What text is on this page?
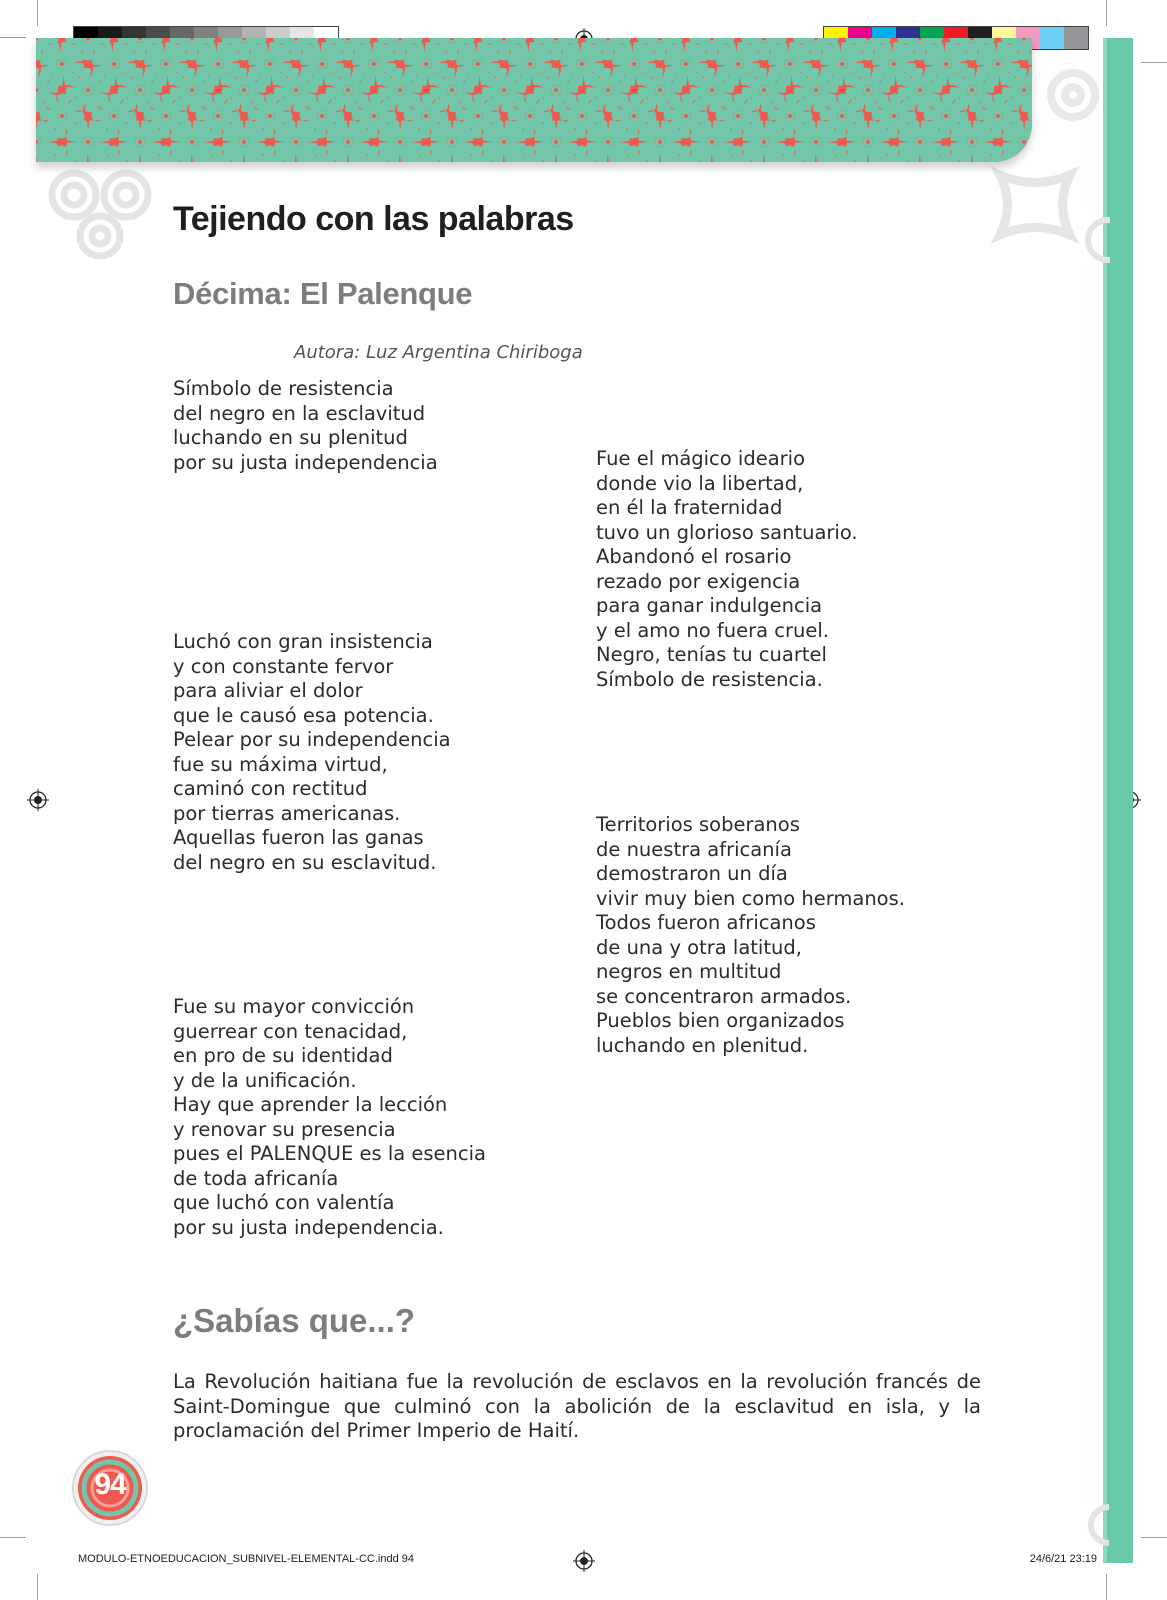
Tejiendo con las palabras
Décima: El Palenque
Autora: Luz Argentina Chiriboga
Símbolo de resistencia
del negro en la esclavitud
luchando en su plenitud
por su justa independencia
Luchó con gran insistencia
y con constante fervor
para aliviar el dolor
que le causó esa potencia.
Pelear por su independencia
fue su máxima virtud,
caminó con rectitud
por tierras americanas.
Aquellas fueron las ganas
del negro en su esclavitud.
Fue su mayor convicción
guerrear con tenacidad,
en pro de su identidad
y de la unificación.
Hay que aprender la lección
y renovar su presencia
pues el PALENQUE es la esencia
de toda africanía
que luchó con valentía
por su justa independencia.
Fue el mágico ideario
donde vio la libertad,
en él la fraternidad
tuvo un glorioso santuario.
Abandonó el rosario
rezado por exigencia
para ganar indulgencia
y el amo no fuera cruel.
Negro, tenías tu cuartel
Símbolo de resistencia.
Territorios soberanos
de nuestra africanía
demostraron un día
vivir muy bien como hermanos.
Todos fueron africanos
de una y otra latitud,
negros en multitud
se concentraron armados.
Pueblos bien organizados
luchando en plenitud.
¿Sabías que...?

La Revolución haitiana fue la revolución de esclavos en la revolución francés de Saint-Domingue que culminó con la abolición de la esclavitud en isla, y la proclamación del Primer Imperio de Haití.

94
MODULO-ETNOEDUCACION_SUBNIVEL-ELEMENTAL-CC.indd 94	24/6/21 23:19
